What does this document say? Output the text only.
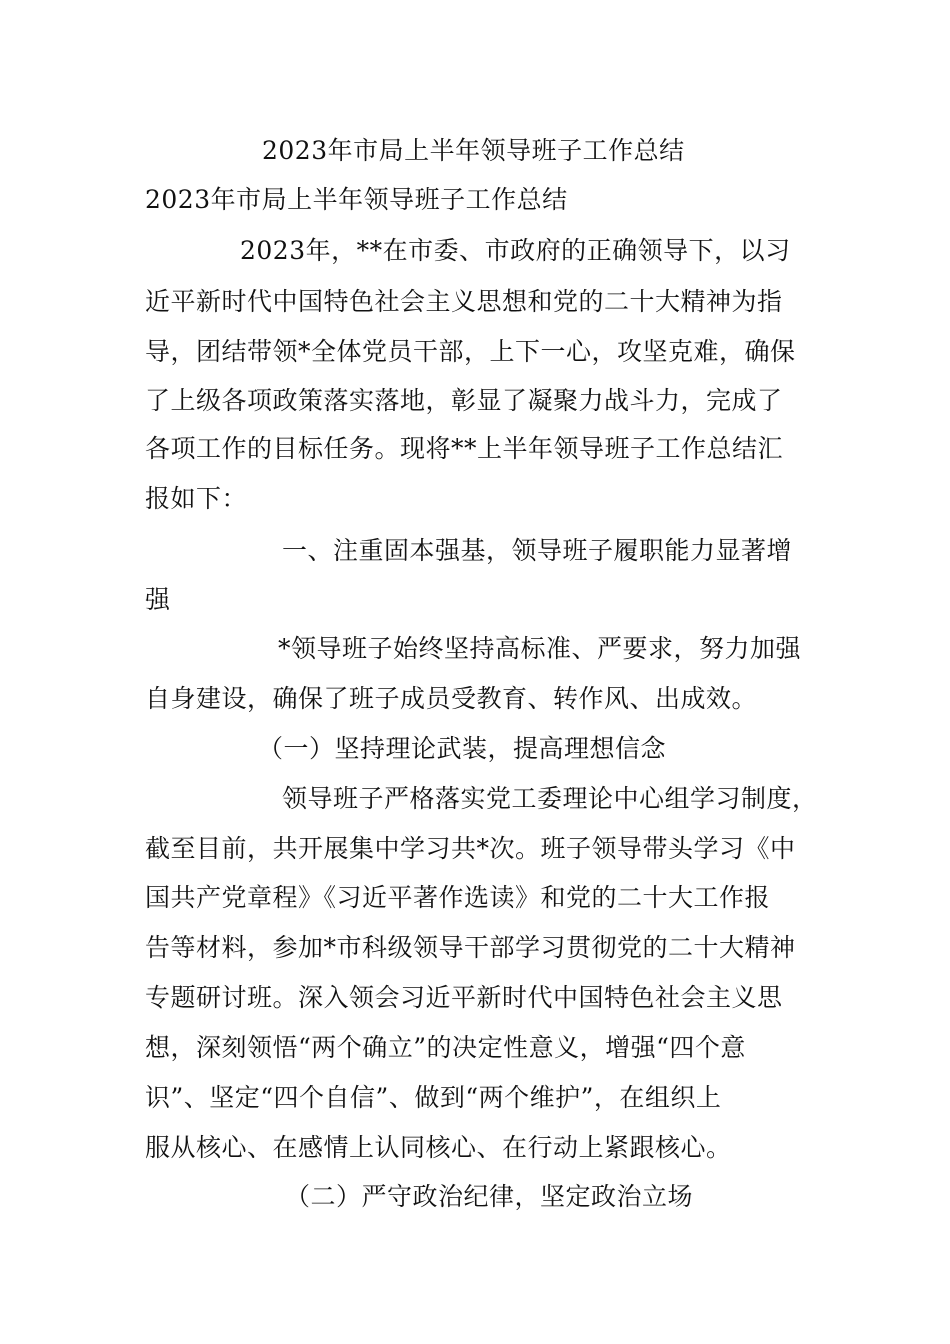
2023年市局上半年领导班子工作总结
2023年市局上半年领导班子工作总结
2023年，**在市委、市政府的正确领导下，以习
近平新时代中国特色社会主义思想和党的二十大精神为指
导，团结带领*全体党员干部，上下一心，攻坚克难，确保
了上级各项政策落实落地，彰显了凝聚力战斗力，完成了
各项工作的目标任务。现将**上半年领导班子工作总结汇
报如下：
一、注重固本强基，领导班子履职能力显著增
强
*领导班子始终坚持高标准、严要求，努力加强
自身建设，确保了班子成员受教育、转作风、出成效。
（一）坚持理论武装，提高理想信念
领导班子严格落实党工委理论中心组学习制度，
截至目前，共开展集中学习共*次。班子领导带头学习《中
国共产党章程》《习近平著作选读》和党的二十大工作报
告等材料，参加*市科级领导干部学习贯彻党的二十大精神
专题研讨班。深入领会习近平新时代中国特色社会主义思
想，深刻领悟“两个确立”的决定性意义，增强“四个意
识”、坚定“四个自信”、做到“两个维护”，在组织上
服从核心、在感情上认同核心、在行动上紧跟核心。
（二）严守政治纪律，坚定政治立场
